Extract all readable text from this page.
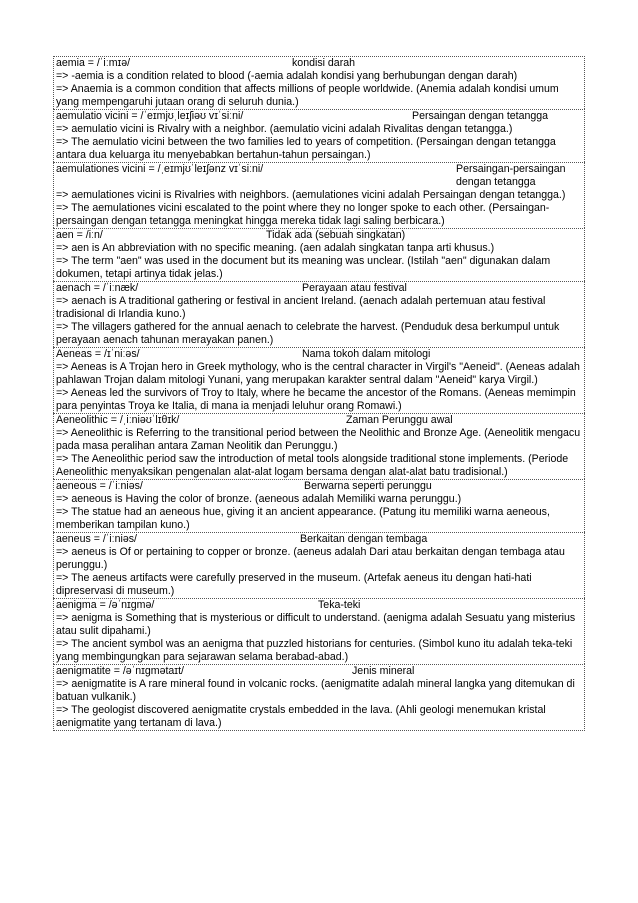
aemia = /ˈiːmɪə/	kondisi darah
=> -aemia is a condition related to blood (-aemia adalah kondisi yang berhubungan dengan darah)
=> Anaemia is a common condition that affects millions of people worldwide. (Anemia adalah kondisi umum yang mempengaruhi jutaan orang di seluruh dunia.)
aemulatio vicini = /ˈeɪmjʊˌleɪʃiəʊ vɪˈsiːni/	Persaingan dengan tetangga
=> aemulatio vicini is Rivalry with a neighbor. (aemulatio vicini adalah Rivalitas dengan tetangga.)
=> The aemulatio vicini between the two families led to years of competition. (Persaingan dengan tetangga antara dua keluarga itu menyebabkan bertahun-tahun persaingan.)
aemulationes vicini = /ˌeɪmjʊˈleɪʃənz vɪˈsiːni/	Persaingan-persaingan dengan tetangga
=> aemulationes vicini is Rivalries with neighbors. (aemulationes vicini adalah Persaingan dengan tetangga.)
=> The aemulationes vicini escalated to the point where they no longer spoke to each other. (Persaingan-persaingan dengan tetangga meningkat hingga mereka tidak lagi saling berbicara.)
aen = /iːn/	Tidak ada (sebuah singkatan)
=> aen is An abbreviation with no specific meaning. (aen adalah singkatan tanpa arti khusus.)
=> The term "aen" was used in the document but its meaning was unclear. (Istilah "aen" digunakan dalam dokumen, tetapi artinya tidak jelas.)
aenach = /ˈiːnæk/	Perayaan atau festival
=> aenach is A traditional gathering or festival in ancient Ireland. (aenach adalah pertemuan atau festival tradisional di Irlandia kuno.)
=> The villagers gathered for the annual aenach to celebrate the harvest. (Penduduk desa berkumpul untuk perayaan aenach tahunan merayakan panen.)
Aeneas = /ɪˈniːəs/	Nama tokoh dalam mitologi
=> Aeneas is A Trojan hero in Greek mythology, who is the central character in Virgil's "Aeneid". (Aeneas adalah pahlawan Trojan dalam mitologi Yunani, yang merupakan karakter sentral dalam "Aeneid" karya Virgil.)
=> Aeneas led the survivors of Troy to Italy, where he became the ancestor of the Romans. (Aeneas memimpin para penyintas Troya ke Italia, di mana ia menjadi leluhur orang Romawi.)
Aeneolithic = /ˌiːniəʊˈlɪθɪk/	Zaman Perunggu awal
=> Aeneolithic is Referring to the transitional period between the Neolithic and Bronze Age. (Aeneolitik mengacu pada masa peralihan antara Zaman Neolitik dan Perunggu.)
=> The Aeneolithic period saw the introduction of metal tools alongside traditional stone implements. (Periode Aeneolithic menyaksikan pengenalan alat-alat logam bersama dengan alat-alat batu tradisional.)
aeneous = /ˈiːniəs/	Berwarna seperti perunggu
=> aeneous is Having the color of bronze. (aeneous adalah Memiliki warna perunggu.)
=> The statue had an aeneous hue, giving it an ancient appearance. (Patung itu memiliki warna aeneous, memberikan tampilan kuno.)
aeneus = /ˈiːniəs/	Berkaitan dengan tembaga
=> aeneus is Of or pertaining to copper or bronze. (aeneus adalah Dari atau berkaitan dengan tembaga atau perunggu.)
=> The aeneus artifacts were carefully preserved in the museum. (Artefak aeneus itu dengan hati-hati dipreservasi di museum.)
aenigma = /əˈnɪɡmə/	Teka-teki
=> aenigma is Something that is mysterious or difficult to understand. (aenigma adalah Sesuatu yang misterius atau sulit dipahami.)
=> The ancient symbol was an aenigma that puzzled historians for centuries. (Simbol kuno itu adalah teka-teki yang membingungkan para sejarawan selama berabad-abad.)
aenigmatite = /əˈnɪɡmətaɪt/	Jenis mineral
=> aenigmatite is A rare mineral found in volcanic rocks. (aenigmatite adalah mineral langka yang ditemukan di batuan vulkanik.)
=> The geologist discovered aenigmatite crystals embedded in the lava. (Ahli geologi menemukan kristal aenigmatite yang tertanam di lava.)
